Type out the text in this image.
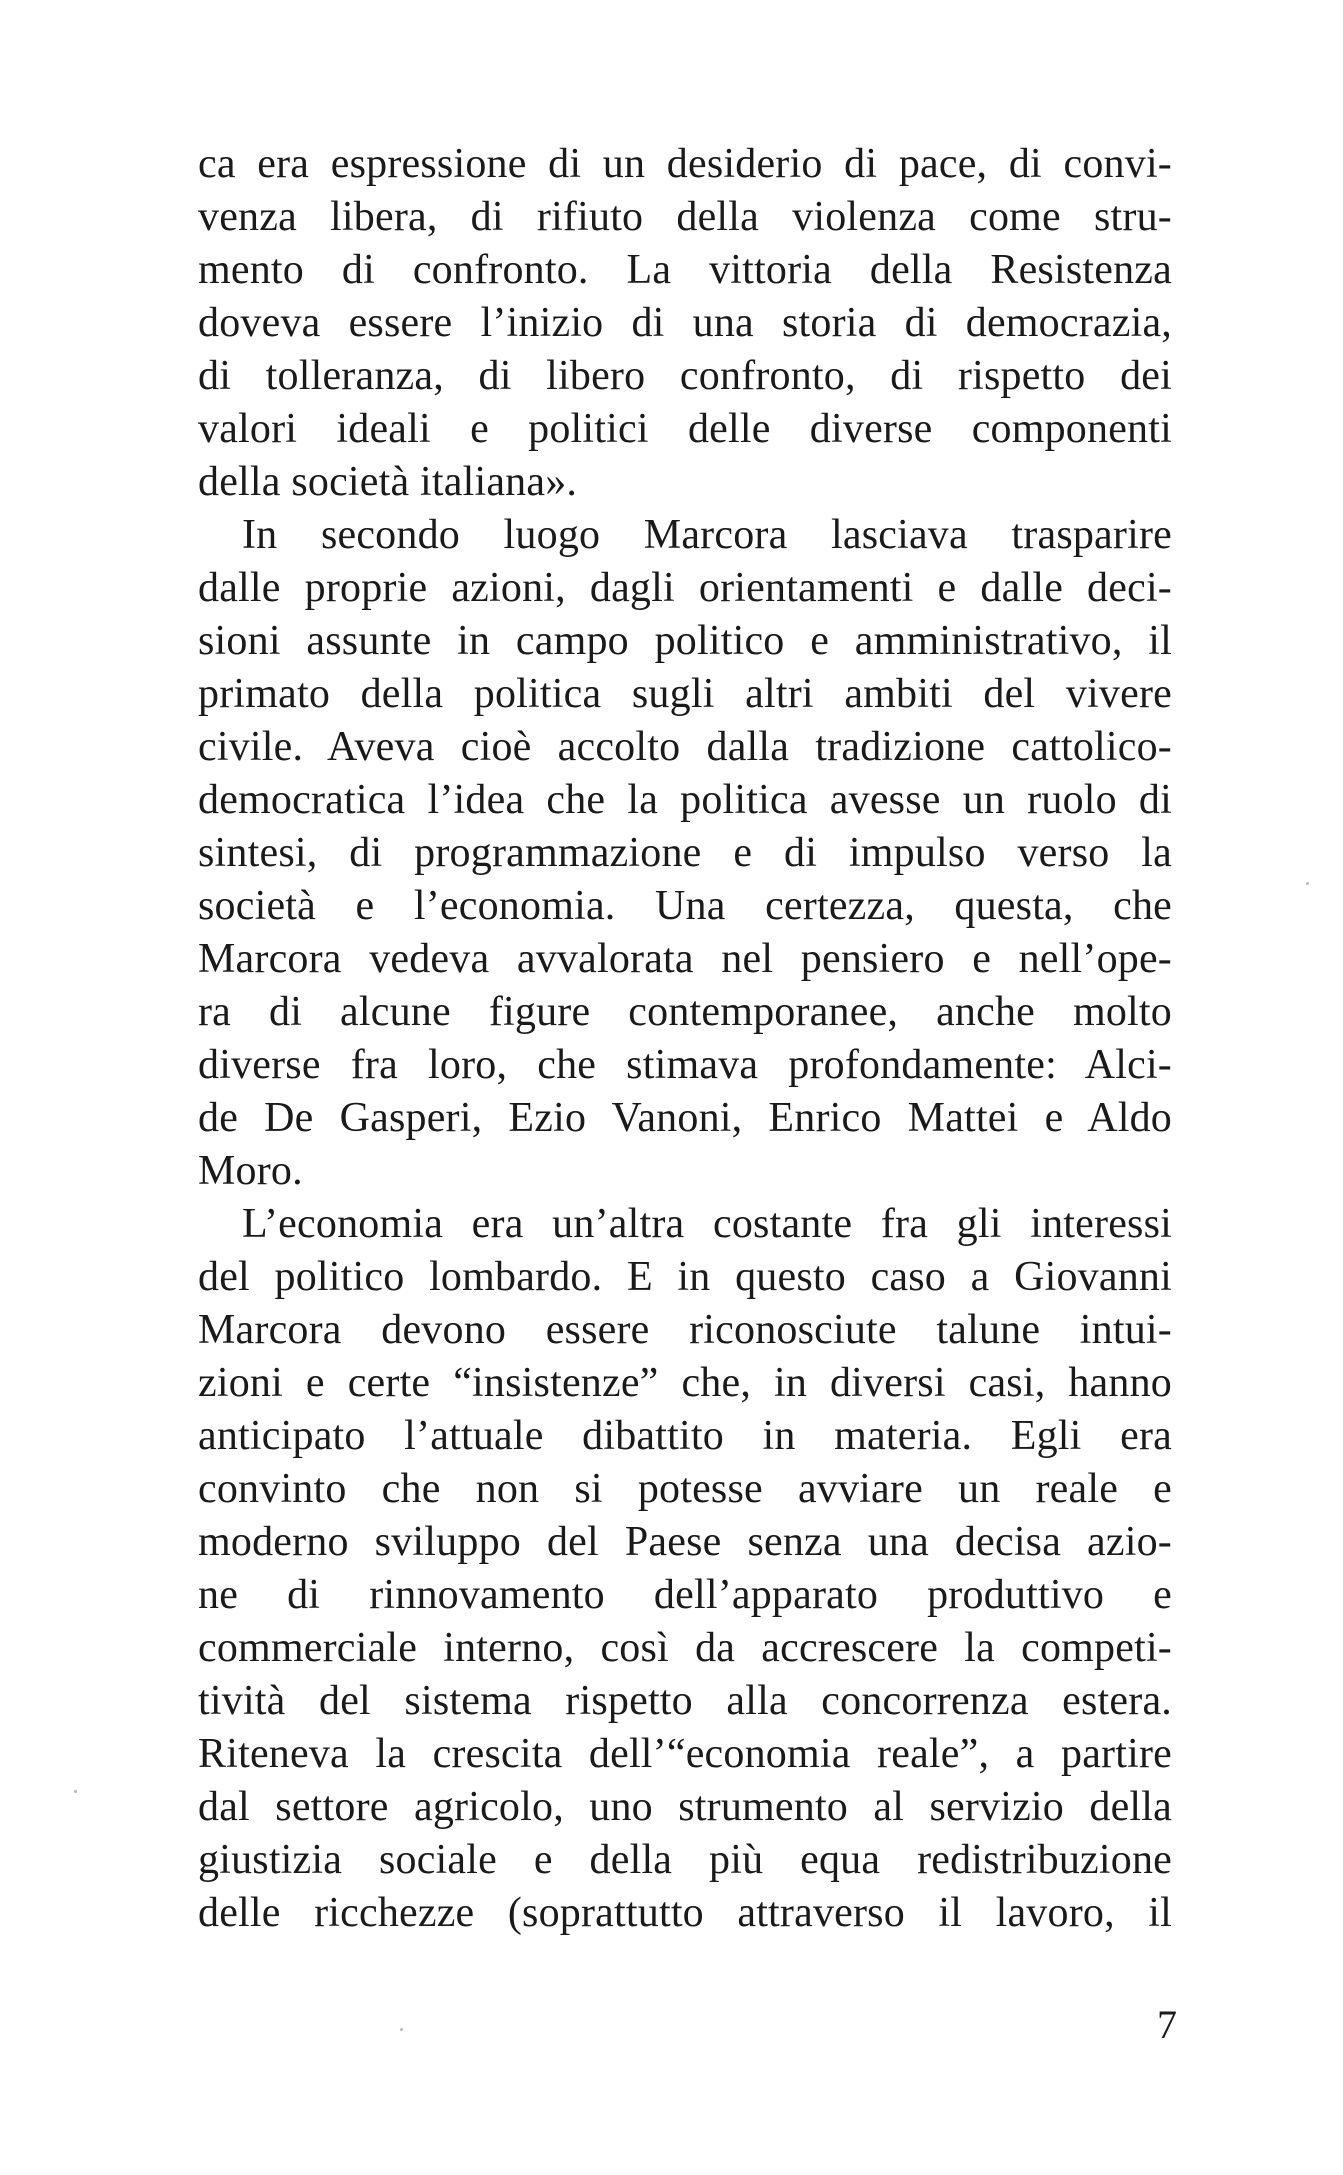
ca era espressione di un desiderio di pace, di convi-
venza libera, di rifiuto della violenza come stru-
mento di confronto. La vittoria della Resistenza
doveva essere l’inizio di una storia di democrazia,
di tolleranza, di libero confronto, di rispetto dei
valori ideali e politici delle diverse componenti
della società italiana».
In secondo luogo Marcora lasciava trasparire
dalle proprie azioni, dagli orientamenti e dalle deci-
sioni assunte in campo politico e amministrativo, il
primato della politica sugli altri ambiti del vivere
civile. Aveva cioè accolto dalla tradizione cattolico-
democratica l’idea che la politica avesse un ruolo di
sintesi, di programmazione e di impulso verso la
società e l’economia. Una certezza, questa, che
Marcora vedeva avvalorata nel pensiero e nell’ope-
ra di alcune figure contemporanee, anche molto
diverse fra loro, che stimava profondamente: Alci-
de De Gasperi, Ezio Vanoni, Enrico Mattei e Aldo
Moro.
L’economia era un’altra costante fra gli interessi
del politico lombardo. E in questo caso a Giovanni
Marcora devono essere riconosciute talune intui-
zioni e certe “insistenze” che, in diversi casi, hanno
anticipato l’attuale dibattito in materia. Egli era
convinto che non si potesse avviare un reale e
moderno sviluppo del Paese senza una decisa azio-
ne di rinnovamento dell’apparato produttivo e
commerciale interno, così da accrescere la competi-
tività del sistema rispetto alla concorrenza estera.
Riteneva la crescita dell’“economia reale”, a partire
dal settore agricolo, uno strumento al servizio della
giustizia sociale e della più equa redistribuzione
delle ricchezze (soprattutto attraverso il lavoro, il
7
